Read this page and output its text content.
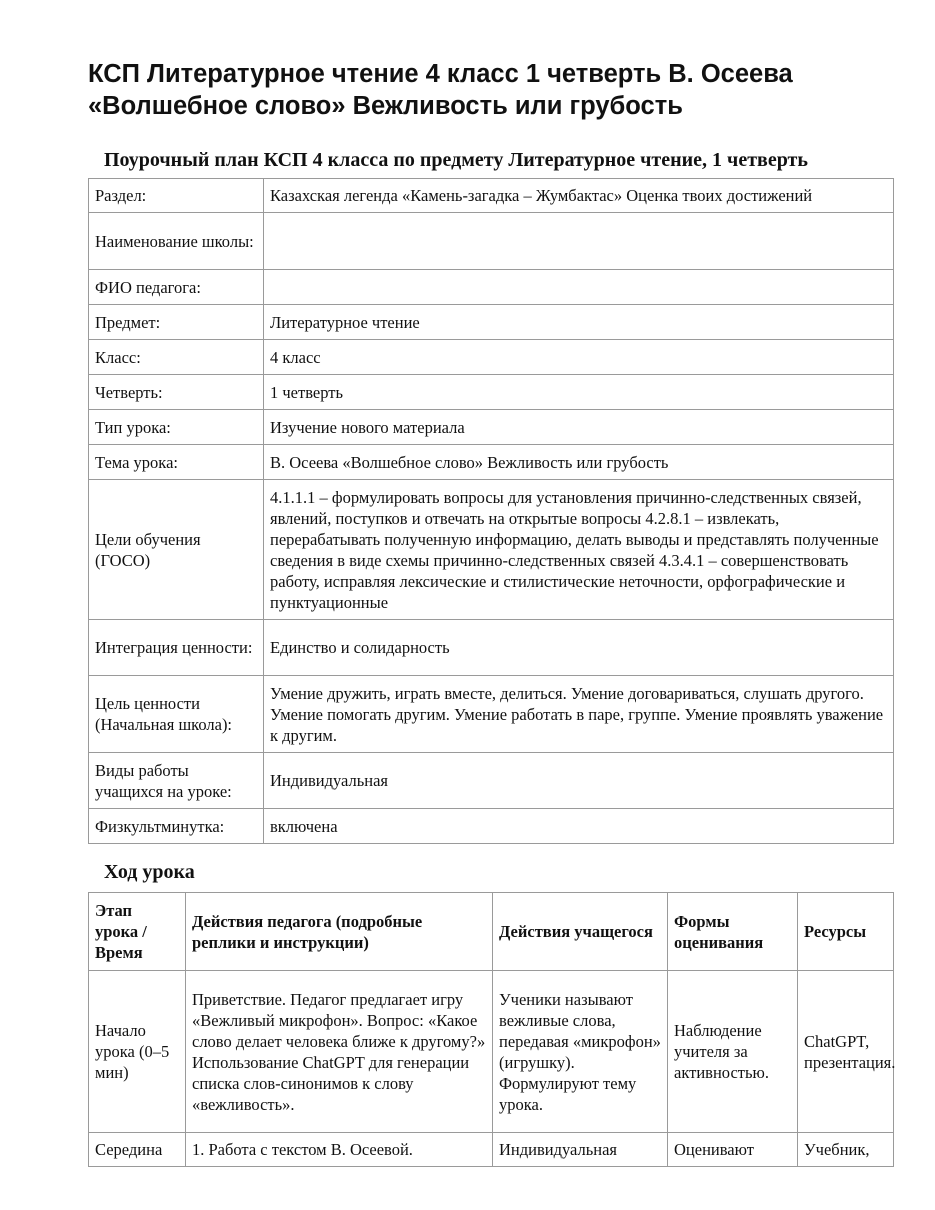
КСП Литературное чтение 4 класс 1 четверть В. Осеева «Волшебное слово» Вежливость или грубость
Поурочный план КСП 4 класса по предмету Литературное чтение, 1 четверть
Раздел:	Казахская легенда «Камень-загадка – Жумбактас» Оценка твоих достижений
Наименование школы:	
ФИО педагога:	
Предмет:	Литературное чтение
Класс:	4 класс
Четверть:	1 четверть
Тип урока:	Изучение нового материала
Тема урока:	В. Осеева «Волшебное слово» Вежливость или грубость
Цели обучения (ГОСО)	4.1.1.1 – формулировать вопросы для установления причинно-следственных связей, явлений, поступков и отвечать на открытые вопросы 4.2.8.1 – извлекать, перерабатывать полученную информацию, делать выводы и представлять полученные сведения в виде схемы причинно-следственных связей 4.3.4.1 – совершенствовать работу, исправляя лексические и стилистические неточности, орфографические и пунктуационные
Интеграция ценности:	Единство и солидарность
Цель ценности (Начальная школа):	Умение дружить, играть вместе, делиться. Умение договариваться, слушать другого. Умение помогать другим. Умение работать в паре, группе. Умение проявлять уважение к другим.
Виды работы учащихся на уроке:	Индивидуальная
Физкультминутка:	включена
Ход урока
Этап урока / Время	Действия педагога (подробные реплики и инструкции)	Действия учащегося	Формы оценивания	Ресурсы
Начало урока (0–5 мин)	Приветствие. Педагог предлагает игру «Вежливый микрофон». Вопрос: «Какое слово делает человека ближе к другому?» Использование ChatGPT для генерации списка слов-синонимов к слову «вежливость».	Ученики называют вежливые слова, передавая «микрофон» (игрушку). Формулируют тему урока.	Наблюдение учителя за активностью.	ChatGPT, презентация.
Середина	1. Работа с текстом В. Осеевой.	Индивидуальная	Оценивают	Учебник,
